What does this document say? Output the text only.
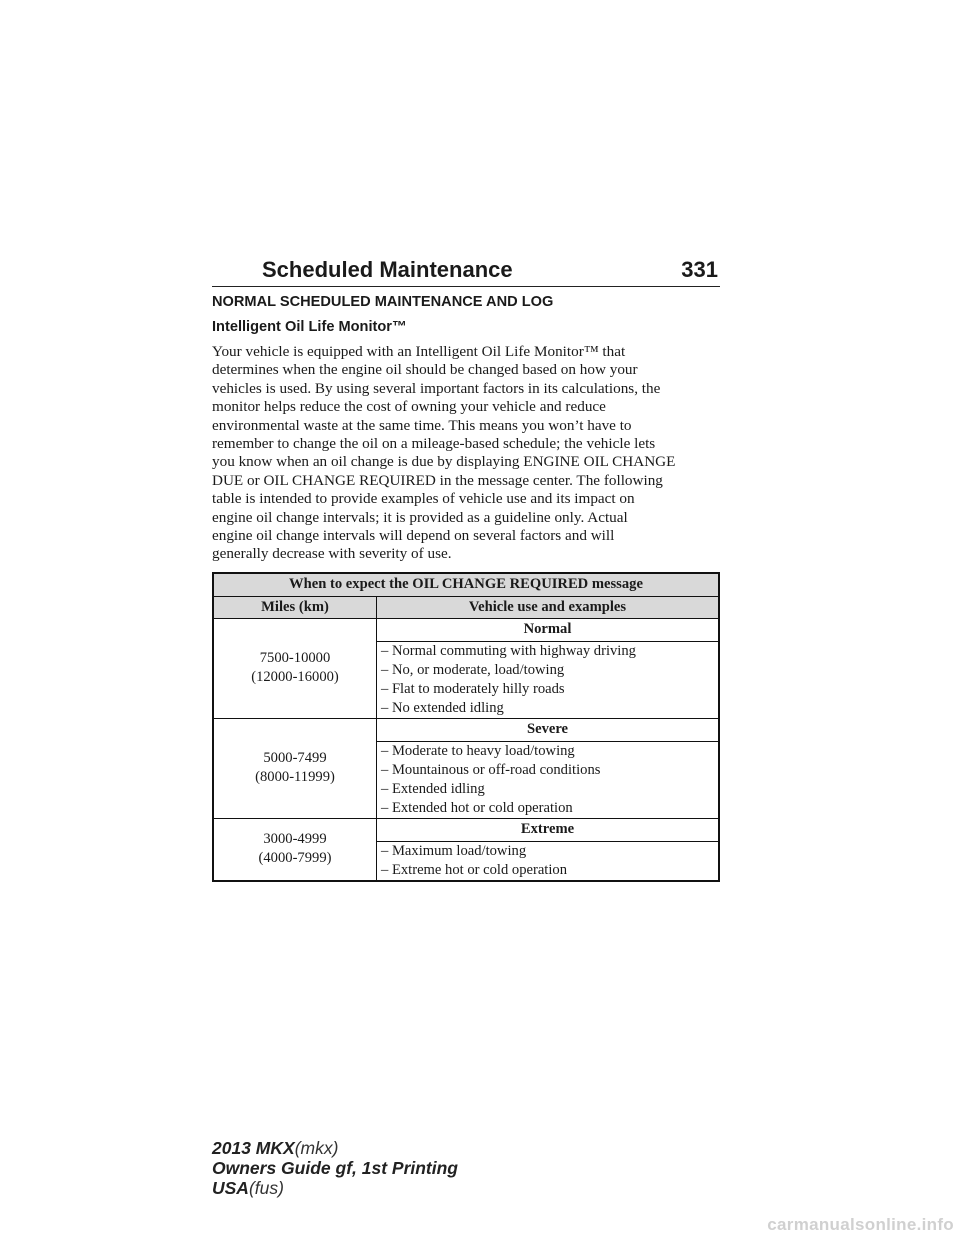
Scheduled Maintenance	331
NORMAL SCHEDULED MAINTENANCE AND LOG
Intelligent Oil Life Monitor™

Your vehicle is equipped with an Intelligent Oil Life Monitor™ that
determines when the engine oil should be changed based on how your
vehicles is used. By using several important factors in its calculations, the
monitor helps reduce the cost of owning your vehicle and reduce
environmental waste at the same time. This means you won’t have to
remember to change the oil on a mileage-based schedule; the vehicle lets
you know when an oil change is due by displaying ENGINE OIL CHANGE
DUE or OIL CHANGE REQUIRED in the message center. The following
table is intended to provide examples of vehicle use and its impact on
engine oil change intervals; it is provided as a guideline only. Actual
engine oil change intervals will depend on several factors and will
generally decrease with severity of use.

When to expect the OIL CHANGE REQUIRED message	
Miles (km)	Vehicle use and examples

7500-10000
(12000-16000)	Normal

	– Normal commuting with highway driving
– No, or moderate, load/towing
– Flat to moderately hilly roads
– No extended idling

5000-7499
(8000-11999)	Severe

	– Moderate to heavy load/towing
– Mountainous or off-road conditions
– Extended idling
– Extended hot or cold operation

3000-4999
(4000-7999)	Extreme

	– Maximum load/towing
– Extreme hot or cold operation
2013 MKX(mkx)
Owners Guide gf, 1st Printing
USA(fus)
carmanualsonline.info
